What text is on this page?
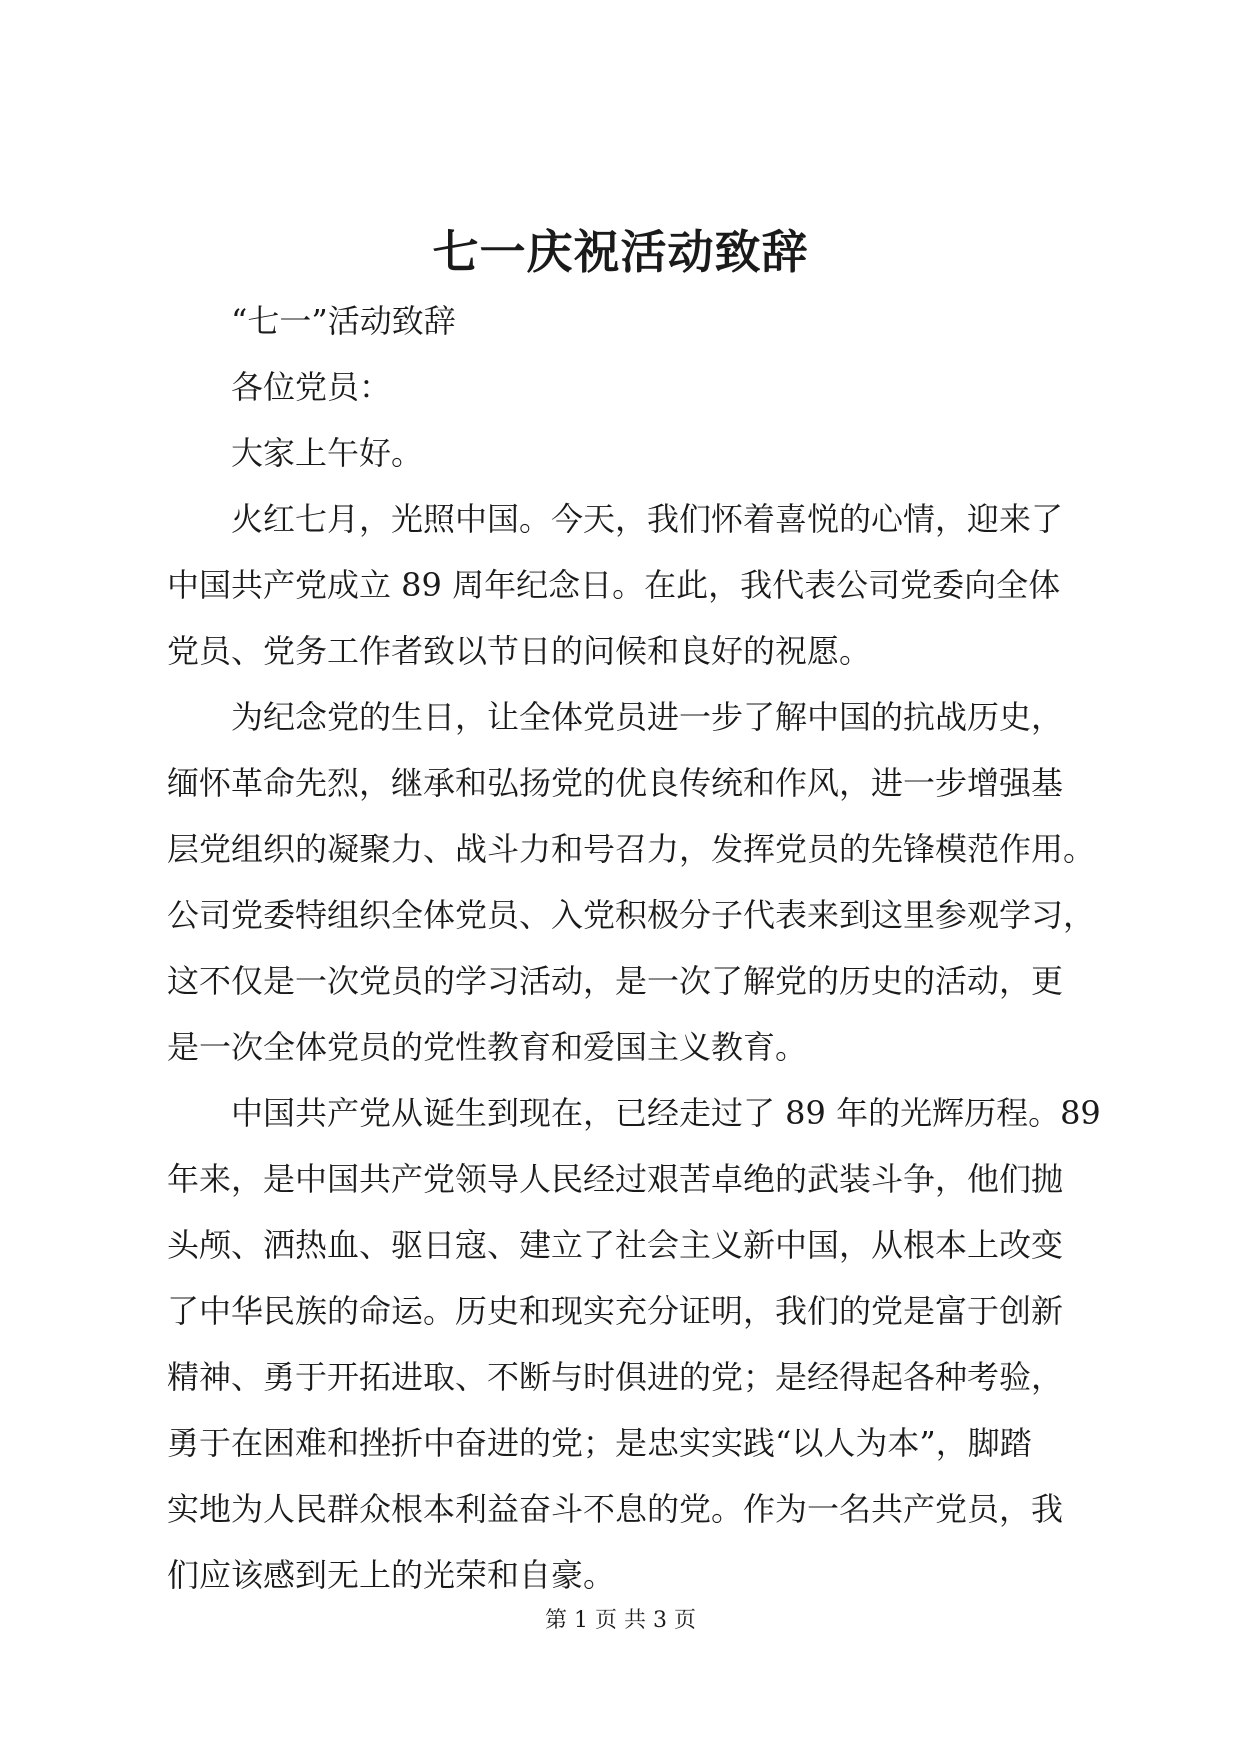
七一庆祝活动致辞
“七一”活动致辞
各位党员：
大家上午好。
火红七月，光照中国。今天，我们怀着喜悦的心情，迎来了
中国共产党成立 89 周年纪念日。在此，我代表公司党委向全体
党员、党务工作者致以节日的问候和良好的祝愿。
为纪念党的生日，让全体党员进一步了解中国的抗战历史，
缅怀革命先烈，继承和弘扬党的优良传统和作风，进一步增强基
层党组织的凝聚力、战斗力和号召力，发挥党员的先锋模范作用。
公司党委特组织全体党员、入党积极分子代表来到这里参观学习，
这不仅是一次党员的学习活动，是一次了解党的历史的活动，更
是一次全体党员的党性教育和爱国主义教育。
中国共产党从诞生到现在，已经走过了 89 年的光辉历程。89
年来，是中国共产党领导人民经过艰苦卓绝的武装斗争，他们抛
头颅、洒热血、驱日寇、建立了社会主义新中国，从根本上改变
了中华民族的命运。历史和现实充分证明，我们的党是富于创新
精神、勇于开拓进取、不断与时俱进的党；是经得起各种考验，
勇于在困难和挫折中奋进的党；是忠实实践“以人为本”，脚踏
实地为人民群众根本利益奋斗不息的党。作为一名共产党员，我
们应该感到无上的光荣和自豪。
第 1 页 共 3 页
